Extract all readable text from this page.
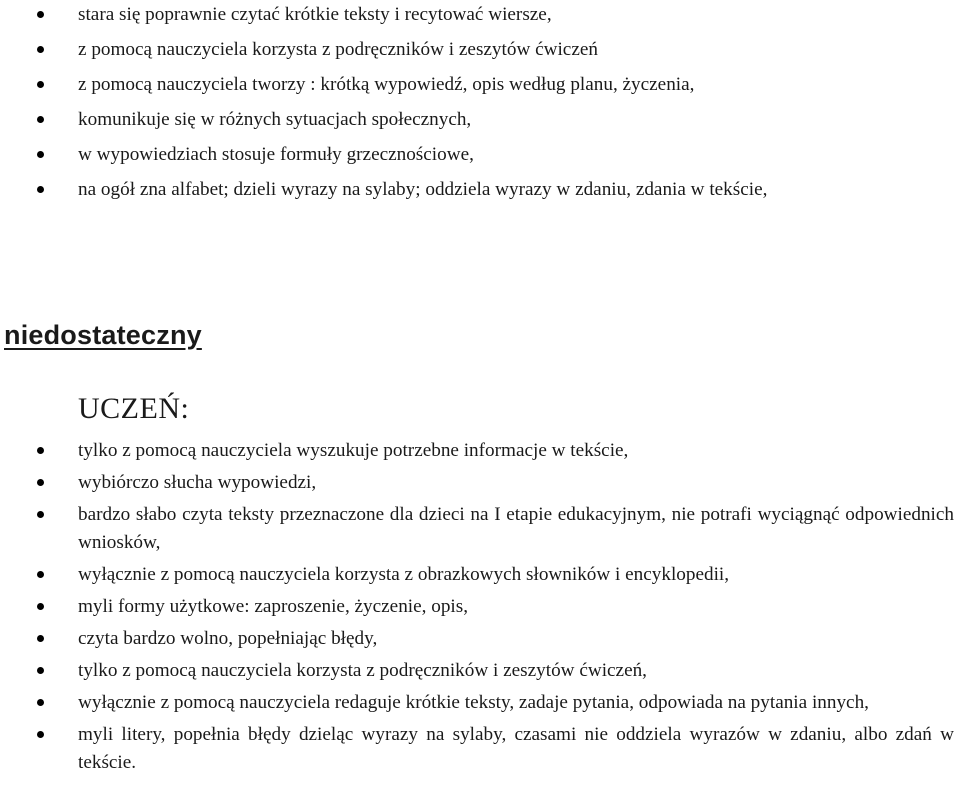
stara się poprawnie czytać krótkie teksty i recytować wiersze,
z pomocą nauczyciela korzysta z podręczników i zeszytów ćwiczeń
z pomocą nauczyciela tworzy : krótką wypowiedź, opis według planu, życzenia,
komunikuje się w różnych sytuacjach społecznych,
w wypowiedziach stosuje formuły grzecznościowe,
na ogół zna alfabet; dzieli wyrazy na sylaby; oddziela wyrazy w zdaniu, zdania w tekście,
niedostateczny
UCZEŃ:
tylko z pomocą nauczyciela wyszukuje potrzebne informacje w tekście,
wybiórczo słucha wypowiedzi,
bardzo słabo czyta teksty przeznaczone dla dzieci na I etapie edukacyjnym, nie potrafi wyciągnąć odpowiednich wniosków,
wyłącznie z pomocą nauczyciela korzysta z obrazkowych słowników i encyklopedii,
myli formy użytkowe: zaproszenie, życzenie, opis,
czyta bardzo wolno, popełniając błędy,
tylko z pomocą nauczyciela korzysta z podręczników i zeszytów ćwiczeń,
wyłącznie z pomocą nauczyciela redaguje krótkie teksty, zadaje pytania, odpowiada na pytania innych,
myli litery, popełnia błędy dzieląc wyrazy na sylaby, czasami nie oddziela wyrazów w zdaniu, albo zdań w tekście.
